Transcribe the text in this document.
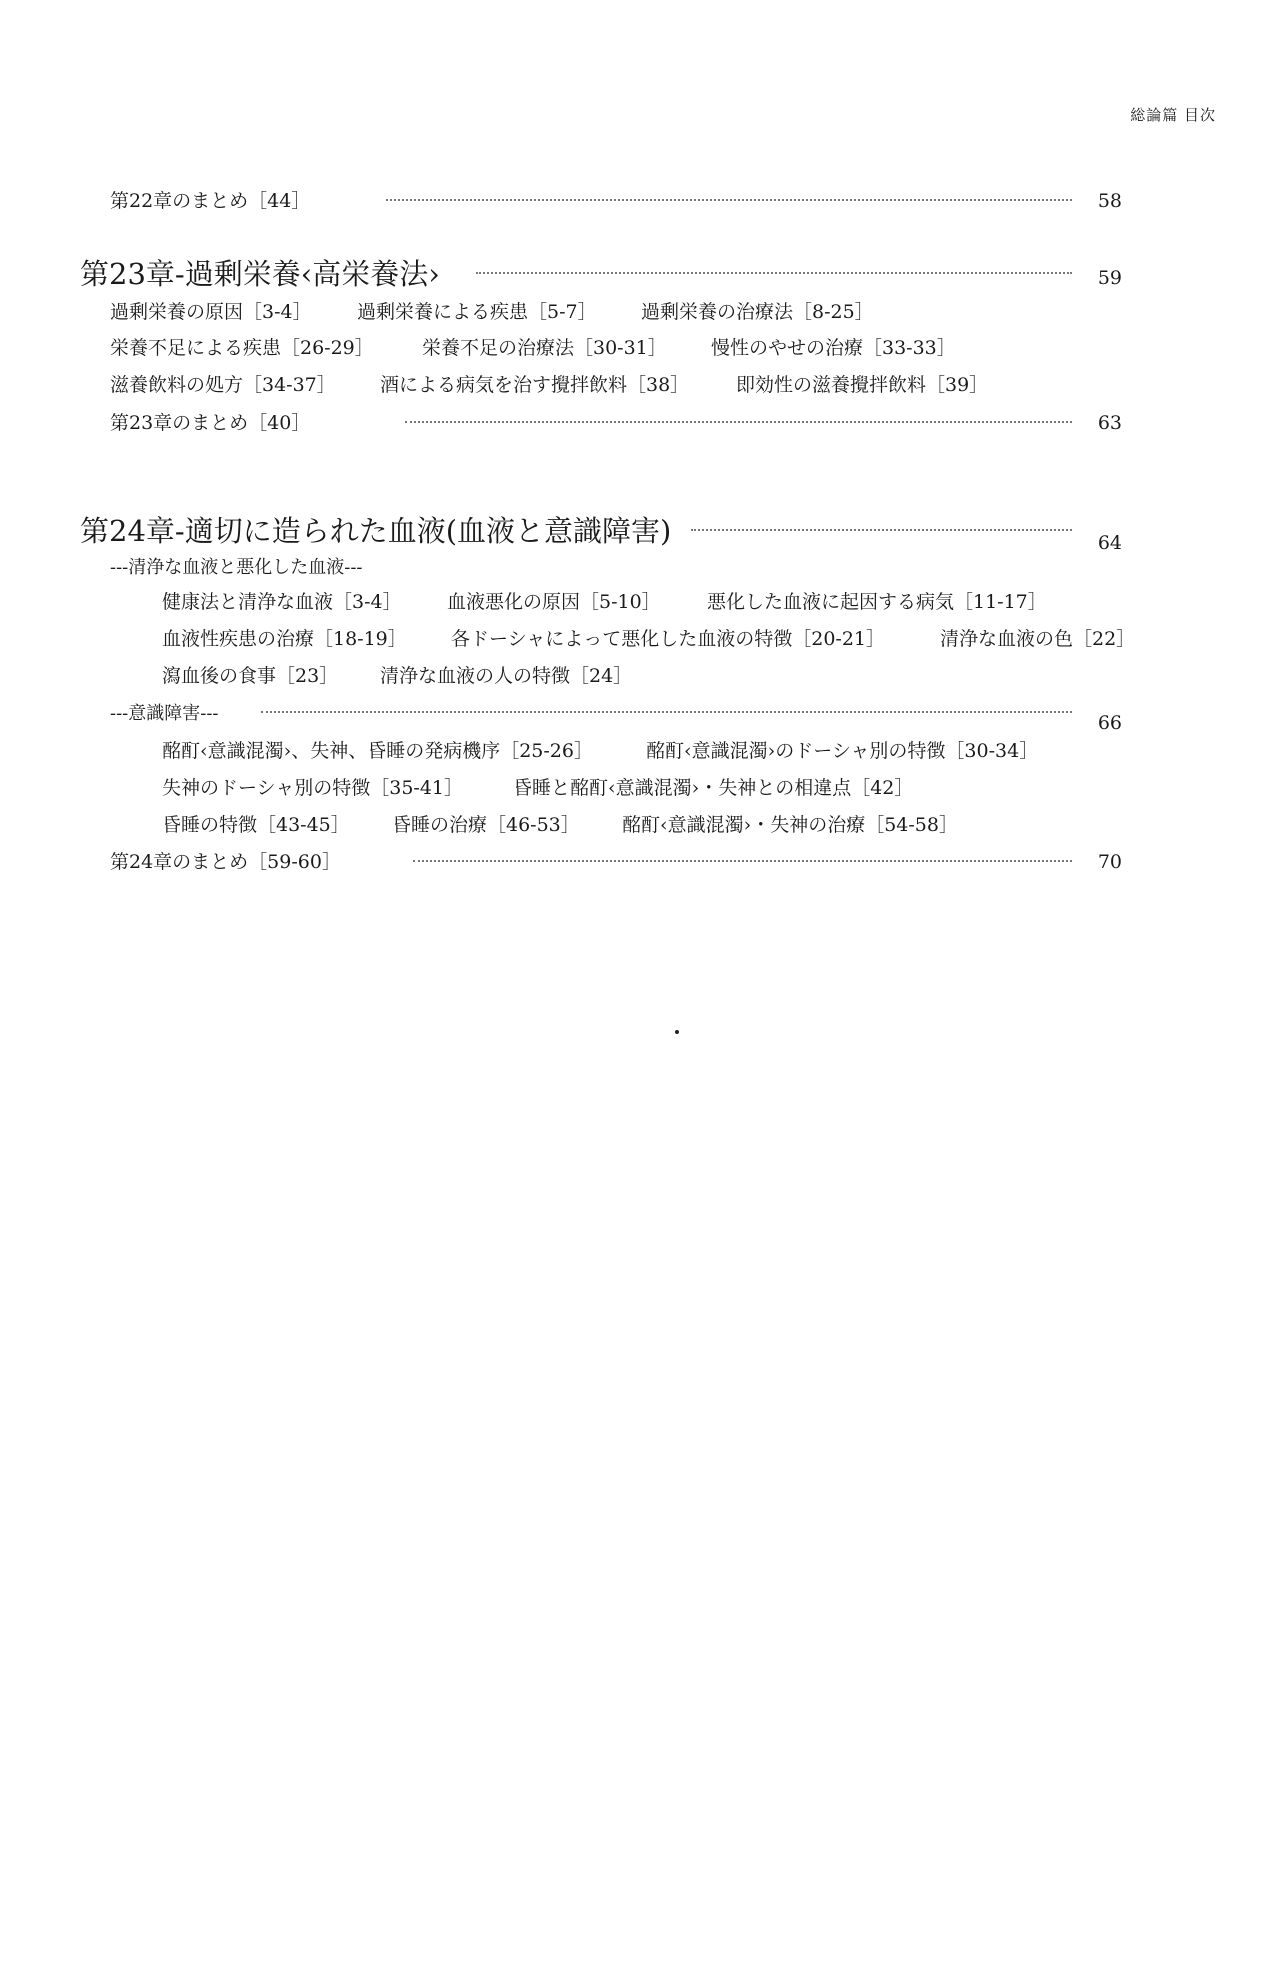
総論篇 目次
第22章のまとめ［44］	58
第23章-過剰栄養‹高栄養法›	59
過剰栄養の原因［3-4］ 過剰栄養による疾患［5-7］ 過剰栄養の治療法［8-25］
栄養不足による疾患［26-29］	栄養不足の治療法［30-31］ 慢性のやせの治療［33-33］
滋養飲料の処方［34-37］ 酒による病気を治す攪拌飲料［38］ 即効性の滋養攪拌飲料［39］
第23章のまとめ［40］	63
第24章-適切に造られた血液(血液と意識障害)	64
---清浄な血液と悪化した血液---
健康法と清浄な血液［3-4］ 血液悪化の原因［5-10］ 悪化した血液に起因する病気［11-17］
血液性疾患の治療［18-19］ 各ドーシャによって悪化した血液の特徴［20-21］	清浄な血液の色［22］
瀉血後の食事［23］ 清浄な血液の人の特徴［24］
---意識障害---	66
酩酊‹意識混濁›、失神、昏睡の発病機序［25-26］	酩酊‹意識混濁›のドーシャ別の特徴［30-34］
失神のドーシャ別の特徴［35-41］	昏睡と酩酊‹意識混濁›・失神との相違点［42］
昏睡の特徴［43-45］ 昏睡の治療［46-53］ 酩酊‹意識混濁›・失神の治療［54-58］
第24章のまとめ［59-60］	70
